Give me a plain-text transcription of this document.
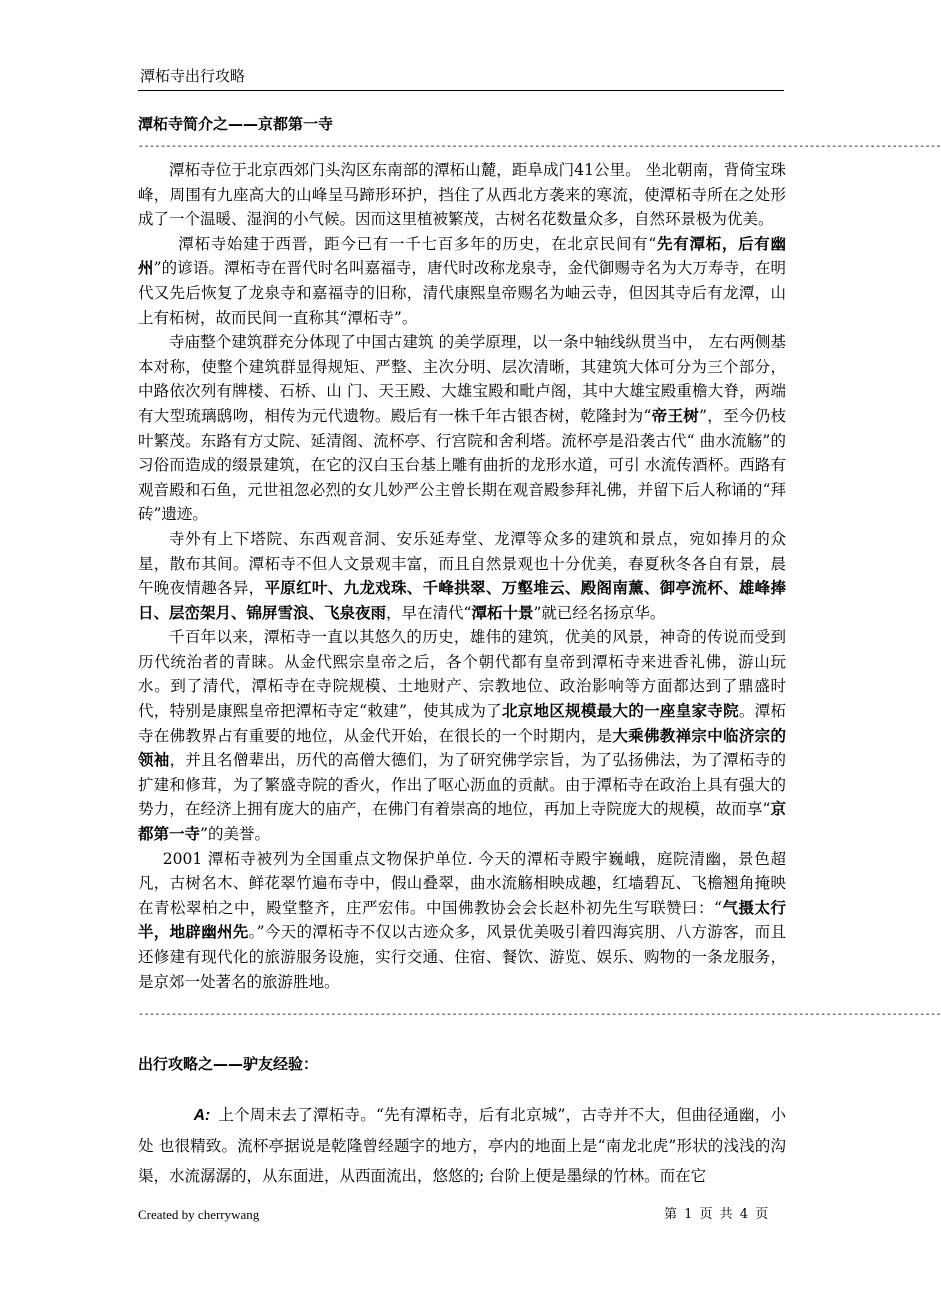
潭柘寺出行攻略
潭柘寺简介之——京都第一寺
--------------------------------------------------------------------------------------------------------------------------------------------------

潭柘寺位于北京西郊门头沟区东南部的潭柘山麓，距阜成门41公里。 坐北朝南，背倚宝珠峰，周围有九座高大的山峰呈马蹄形环护，挡住了从西北方袭来的寒流，使潭柘寺所在之处形成了一个温暖、湿润的小气候。因而这里植被繁茂，古树名花数量众多，自然环景极为优美。

潭柘寺始建于西晋，距今已有一千七百多年的历史，在北京民间有“先有潭柘，后有幽州”的谚语。潭柘寺在晋代时名叫嘉福寺，唐代时改称龙泉寺，金代御赐寺名为大万寿寺，在明代又先后恢复了龙泉寺和嘉福寺的旧称，清代康熙皇帝赐名为岫云寺，但因其寺后有龙潭，山上有柘树，故而民间一直称其“潭柘寺”。

寺庙整个建筑群充分体现了中国古建筑 的美学原理，以一条中轴线纵贯当中， 左右两侧基本对称，使整个建筑群显得规矩、严整、主次分明、层次清晰，其建筑大体可分为三个部分， 中路依次列有牌楼、石桥、山 门、天王殿、大雄宝殿和毗卢阁，其中大雄宝殿重檐大脊，两端有大型琉璃鸱吻，相传为元代遗物。殿后有一株千年古银杏树，乾隆封为“帝王树”，至今仍枝叶繁茂。东路有方丈院、延清阁、流杯亭、行宫院和舍利塔。流杯亭是沿袭古代“ 曲水流觞”的习俗而造成的缀景建筑，在它的汉白玉台基上雕有曲折的龙形水道，可引 水流传酒杯。西路有观音殿和石鱼，元世祖忽必烈的女儿妙严公主曾长期在观音殿参拜礼佛，并留下后人称诵的“拜砖”遗迹。

寺外有上下塔院、东西观音洞、安乐延寿堂、龙潭等众多的建筑和景点，宛如捧月的众星，散布其间。潭柘寺不但人文景观丰富，而且自然景观也十分优美，春夏秋冬各自有景，晨午晚夜情趣各异，平原红叶、九龙戏珠、千峰拱翠、万壑堆云、殿阁南薰、御亭流杯、雄峰捧日、层峦架月、锦屏雪浪、飞泉夜雨，早在清代“潭柘十景”就已经名扬京华。

千百年以来，潭柘寺一直以其悠久的历史，雄伟的建筑，优美的风景，神奇的传说而受到历代统治者的青睐。从金代熙宗皇帝之后，各个朝代都有皇帝到潭柘寺来进香礼佛，游山玩水。到了清代，潭柘寺在寺院规模、土地财产、宗教地位、政治影响等方面都达到了鼎盛时代，特别是康熙皇帝把潭柘寺定“敕建”，使其成为了北京地区规模最大的一座皇家寺院。潭柘寺在佛教界占有重要的地位，从金代开始，在很长的一个时期内，是大乘佛教禅宗中临济宗的领袖，并且名僧辈出，历代的高僧大德们，为了研究佛学宗旨，为了弘扬佛法，为了潭柘寺的扩建和修茸，为了繁盛寺院的香火，作出了呕心沥血的贡献。由于潭柘寺在政治上具有强大的势力，在经济上拥有庞大的庙产，在佛门有着崇高的地位，再加上寺院庞大的规模，故而享“京都第一寺”的美誉。

2001 潭柘寺被列为全国重点文物保护单位. 今天的潭柘寺殿宇巍峨，庭院清幽，景色超凡，古树名木、鲜花翠竹遍布寺中，假山叠翠，曲水流觞相映成趣，红墙碧瓦、飞檐翘角掩映在青松翠柏之中，殿堂整齐，庄严宏伟。中国佛教协会会长赵朴初先生写联赞曰：“气摄太行半，地辟幽州先。”今天的潭柘寺不仅以古迹众多，风景优美吸引着四海宾朋、八方游客，而且还修建有现代化的旅游服务设施，实行交通、住宿、餐饮、游览、娱乐、购物的一条龙服务，是京郊一处著名的旅游胜地。

--------------------------------------------------------------------------------------------------------------------------------------------------
出行攻略之——驴友经验：

A: 上个周末去了潭柘寺。“先有潭柘寺，后有北京城”，古寺并不大，但曲径通幽，小处 也很精致。流杯亭据说是乾隆曾经题字的地方，亭内的地面上是“南龙北虎”形状的浅浅的沟渠，水流潺潺的，从东面进，从西面流出，悠悠的; 台阶上便是墨绿的竹林。而在它

Created by cherrywang	第 1 页 共 4 页
